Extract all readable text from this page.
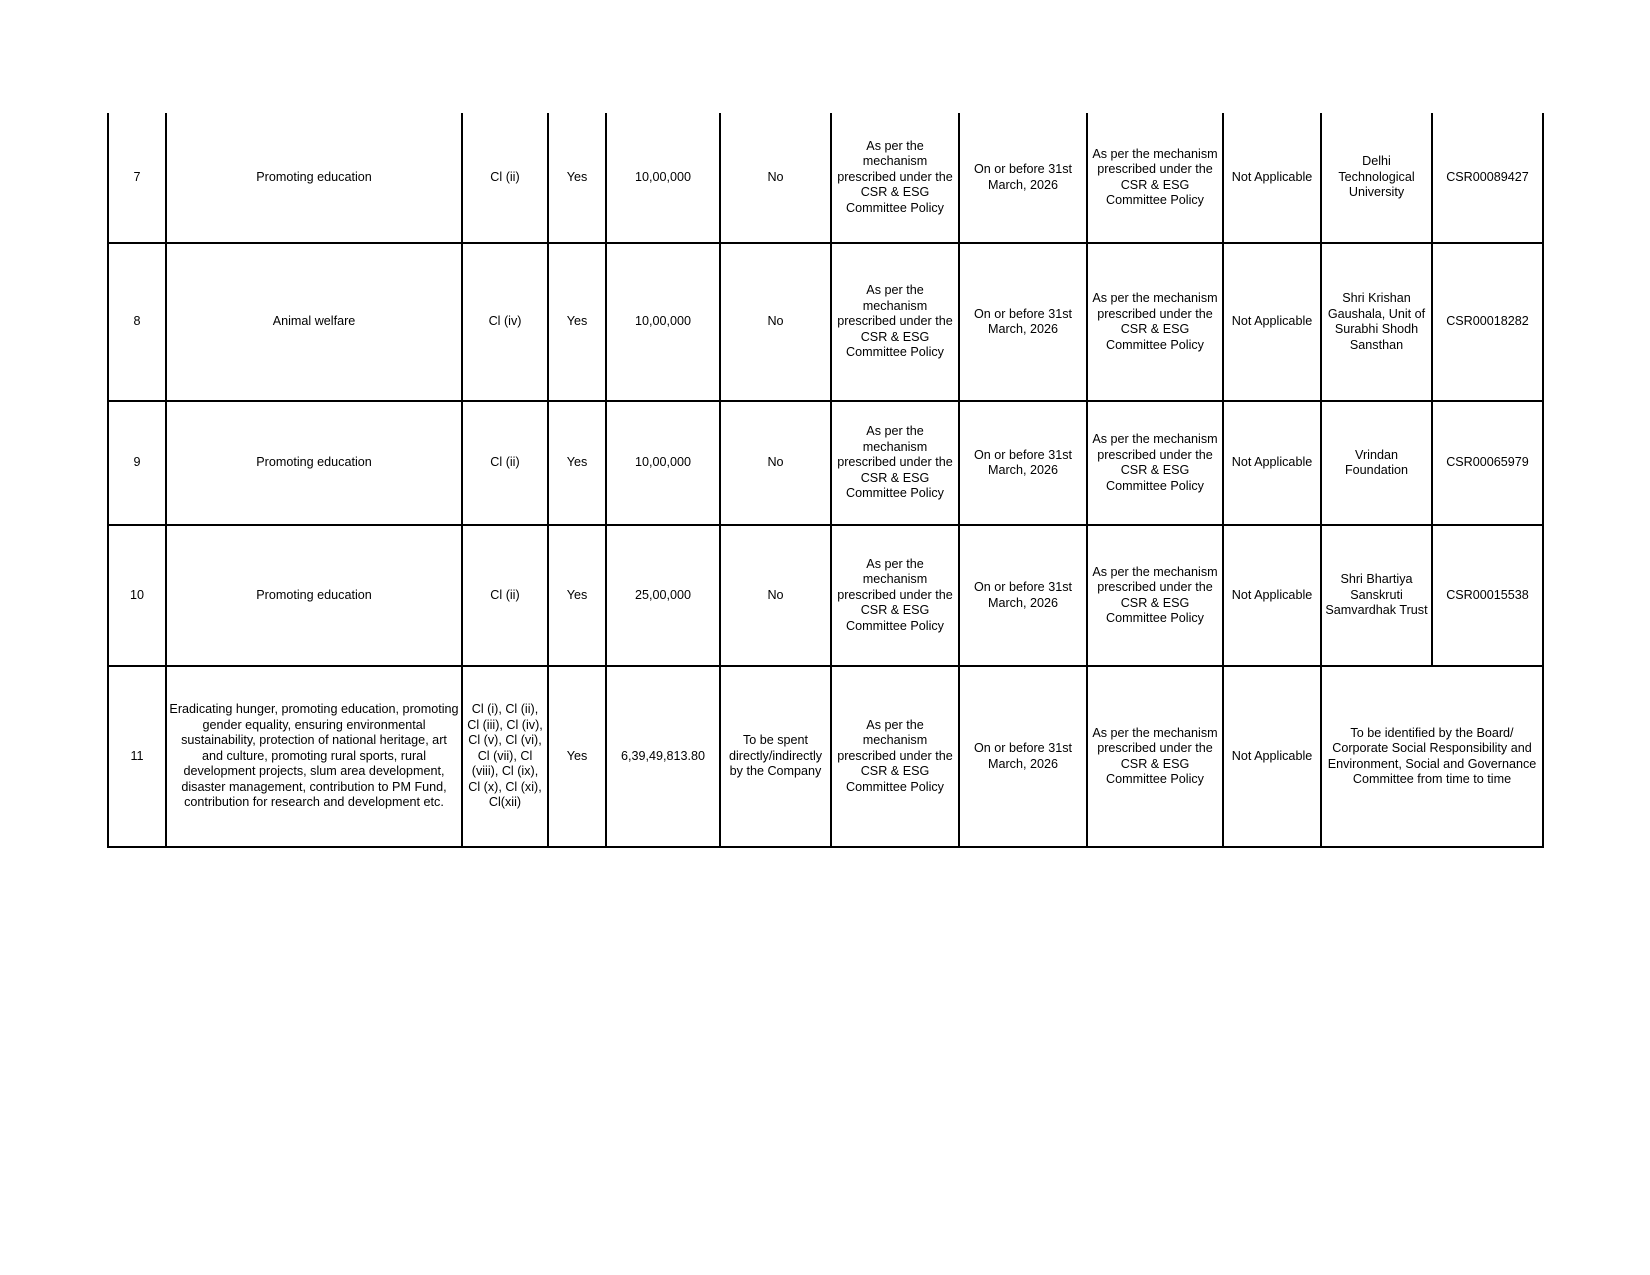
7	Promoting education	Cl (ii)	Yes	10,00,000	No	As per the mechanism prescribed under the CSR & ESG Committee Policy	On or before 31st March, 2026	As per the mechanism prescribed under the CSR & ESG Committee Policy	Not Applicable	Delhi Technological University	CSR00089427
8	Animal welfare	Cl (iv)	Yes	10,00,000	No	As per the mechanism prescribed under the CSR & ESG Committee Policy	On or before 31st March, 2026	As per the mechanism prescribed under the CSR & ESG Committee Policy	Not Applicable	Shri Krishan Gaushala, Unit of Surabhi Shodh Sansthan	CSR00018282
9	Promoting education	Cl (ii)	Yes	10,00,000	No	As per the mechanism prescribed under the CSR & ESG Committee Policy	On or before 31st March, 2026	As per the mechanism prescribed under the CSR & ESG Committee Policy	Not Applicable	Vrindan Foundation	CSR00065979
10	Promoting education	Cl (ii)	Yes	25,00,000	No	As per the mechanism prescribed under the CSR & ESG Committee Policy	On or before 31st March, 2026	As per the mechanism prescribed under the CSR & ESG Committee Policy	Not Applicable	Shri Bhartiya Sanskruti Samvardhak Trust	CSR00015538
11	Eradicating hunger, promoting education, promoting gender equality, ensuring environmental sustainability, protection of national heritage, art and culture, promoting rural sports, rural development projects, slum area development, disaster management, contribution to PM Fund, contribution for research and development etc.	Cl (i), Cl (ii), Cl (iii), Cl (iv), Cl (v), Cl (vi), Cl (vii), Cl (viii), Cl (ix), Cl (x), Cl (xi), Cl(xii)	Yes	6,39,49,813.80	To be spent directly/indirectly by the Company	As per the mechanism prescribed under the CSR & ESG Committee Policy	On or before 31st March, 2026	As per the mechanism prescribed under the CSR & ESG Committee Policy	Not Applicable	To be identified by the Board/ Corporate Social Responsibility and Environment, Social and Governance Committee from time to time	
